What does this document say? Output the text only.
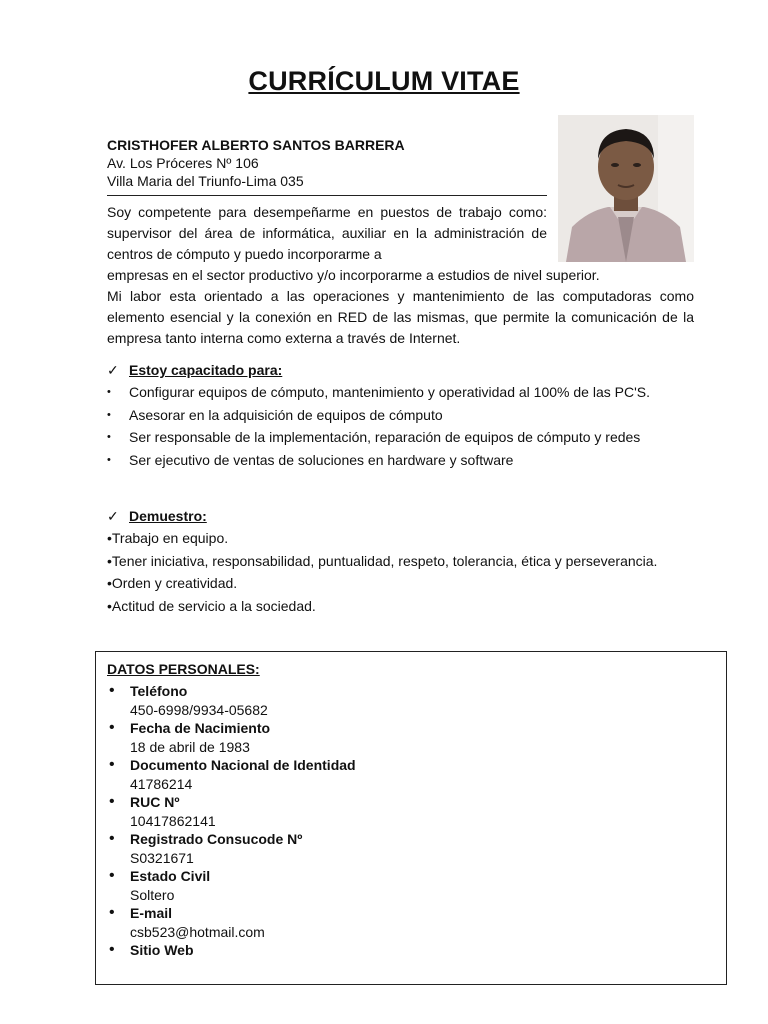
CURRÍCULUM VITAE
CRISTHOFER ALBERTO SANTOS BARRERA
Av. Los Próceres Nº 106
Villa Maria del Triunfo-Lima 035

Soy competente para desempeñarme en puestos de trabajo como: supervisor del área de informática, auxiliar en la administración de centros de cómputo y puedo incorporarme a

empresas en el sector productivo y/o incorporarme a estudios de nivel superior.

Mi labor esta orientado a las operaciones y mantenimiento de las computadoras como elemento esencial y la conexión en RED de las mismas, que permite la comunicación de la empresa tanto interna como externa a través de Internet.

✓ Estoy capacitado para:
• Configurar equipos de cómputo, mantenimiento y operatividad al 100% de las PC'S.
• Asesorar en la adquisición de equipos de cómputo
• Ser responsable de la implementación, reparación de equipos de cómputo y redes
• Ser ejecutivo de ventas de soluciones en hardware y software
✓ Demuestro:
•Trabajo en equipo.
•Tener iniciativa, responsabilidad, puntualidad, respeto, tolerancia, ética y perseverancia.
•Orden y creatividad.
•Actitud de servicio a la sociedad.
DATOS PERSONALES:
• Teléfono
450-6998/9934-05682
• Fecha de Nacimiento
18 de abril de 1983
• Documento Nacional de Identidad
41786214
• RUC Nº
10417862141
• Registrado Consucode Nº
S0321671
• Estado Civil
Soltero
• E-mail
csb523@hotmail.com
• Sitio Web
